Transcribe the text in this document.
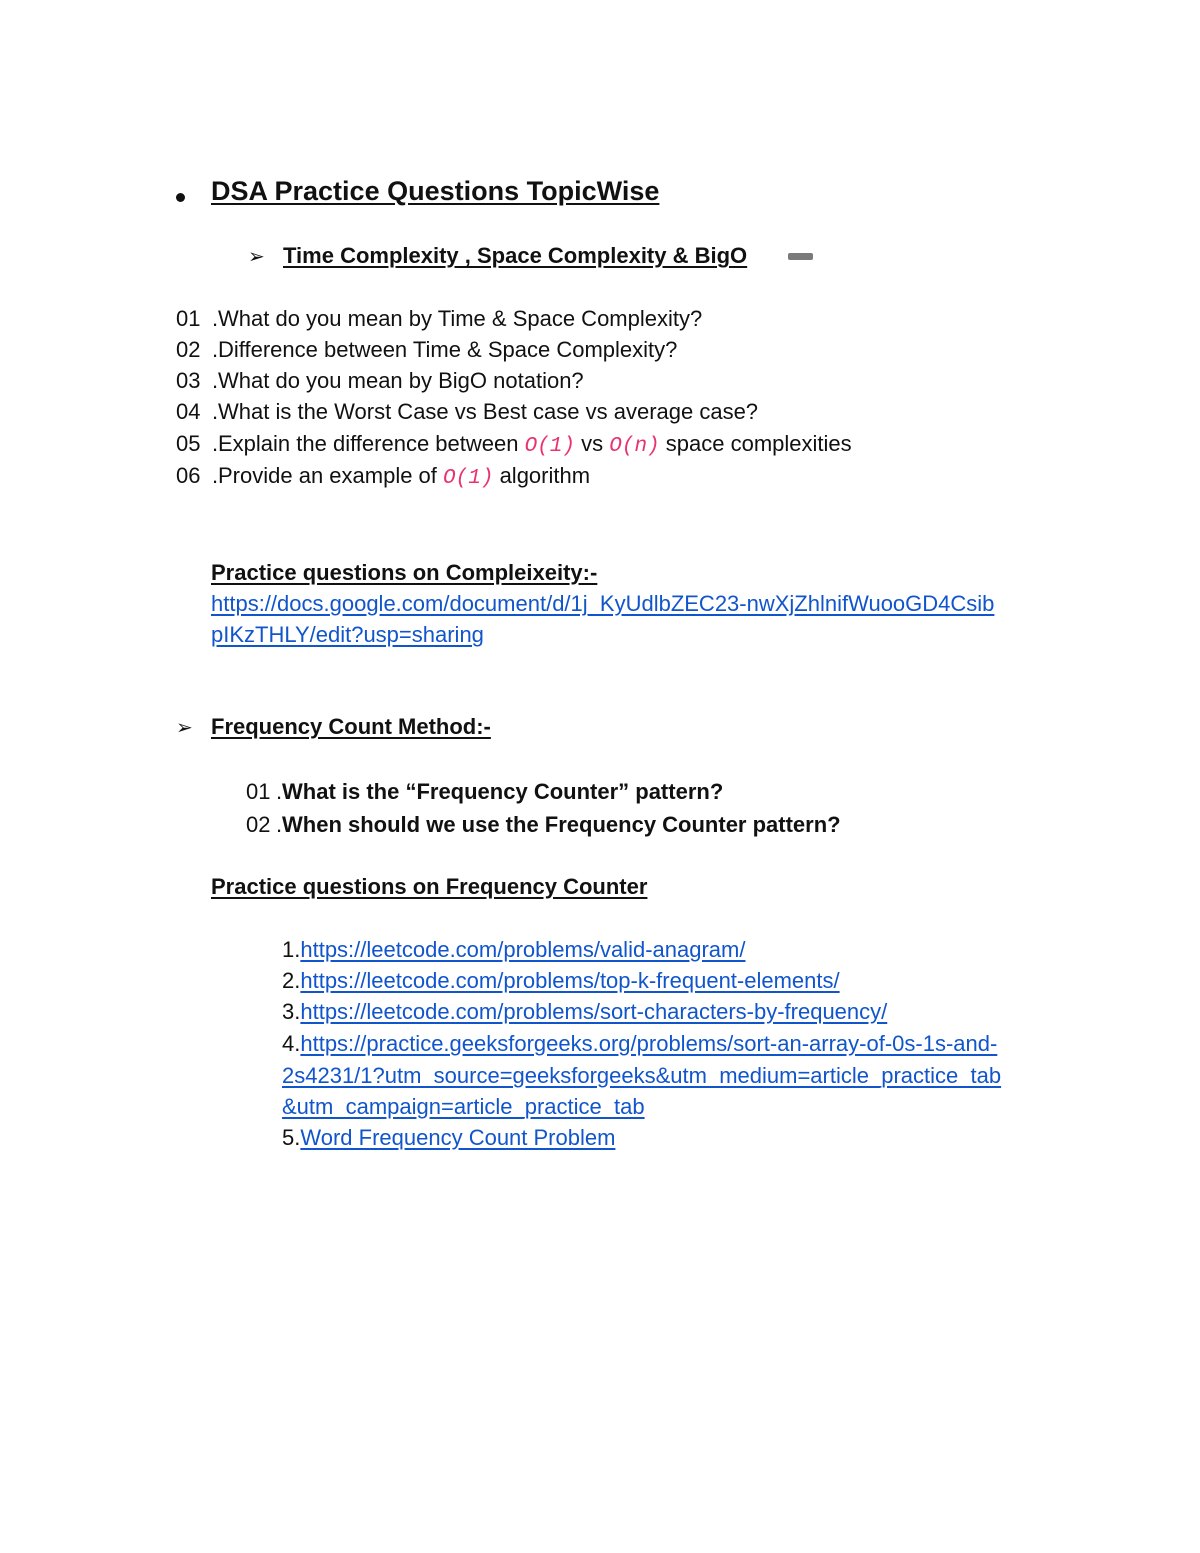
DSA Practice Questions TopicWise
➢ Time Complexity , Space Complexity & BigO
01 .What do you mean by Time & Space Complexity?
02 .Difference between Time & Space Complexity?
03 .What do you mean by BigO notation?
04 .What is the Worst Case vs Best case vs average case?
05 .Explain the difference between O(1) vs O(n) space complexities
06 .Provide an example of O(1) algorithm
Practice questions on Compleixeity:-
https://docs.google.com/document/d/1j_KyUdlbZEC23-nwXjZhlnifWuooGD4Csib
pIKzTHLY/edit?usp=sharing
➢ Frequency Count Method:-
01 .What is the “Frequency Counter” pattern?
02 .When should we use the Frequency Counter pattern?
Practice questions on Frequency Counter
1.https://leetcode.com/problems/valid-anagram/
2.https://leetcode.com/problems/top-k-frequent-elements/
3.https://leetcode.com/problems/sort-characters-by-frequency/
4.https://practice.geeksforgeeks.org/problems/sort-an-array-of-0s-1s-and-
2s4231/1?utm_source=geeksforgeeks&utm_medium=article_practice_tab
&utm_campaign=article_practice_tab
5.Word Frequency Count Problem
